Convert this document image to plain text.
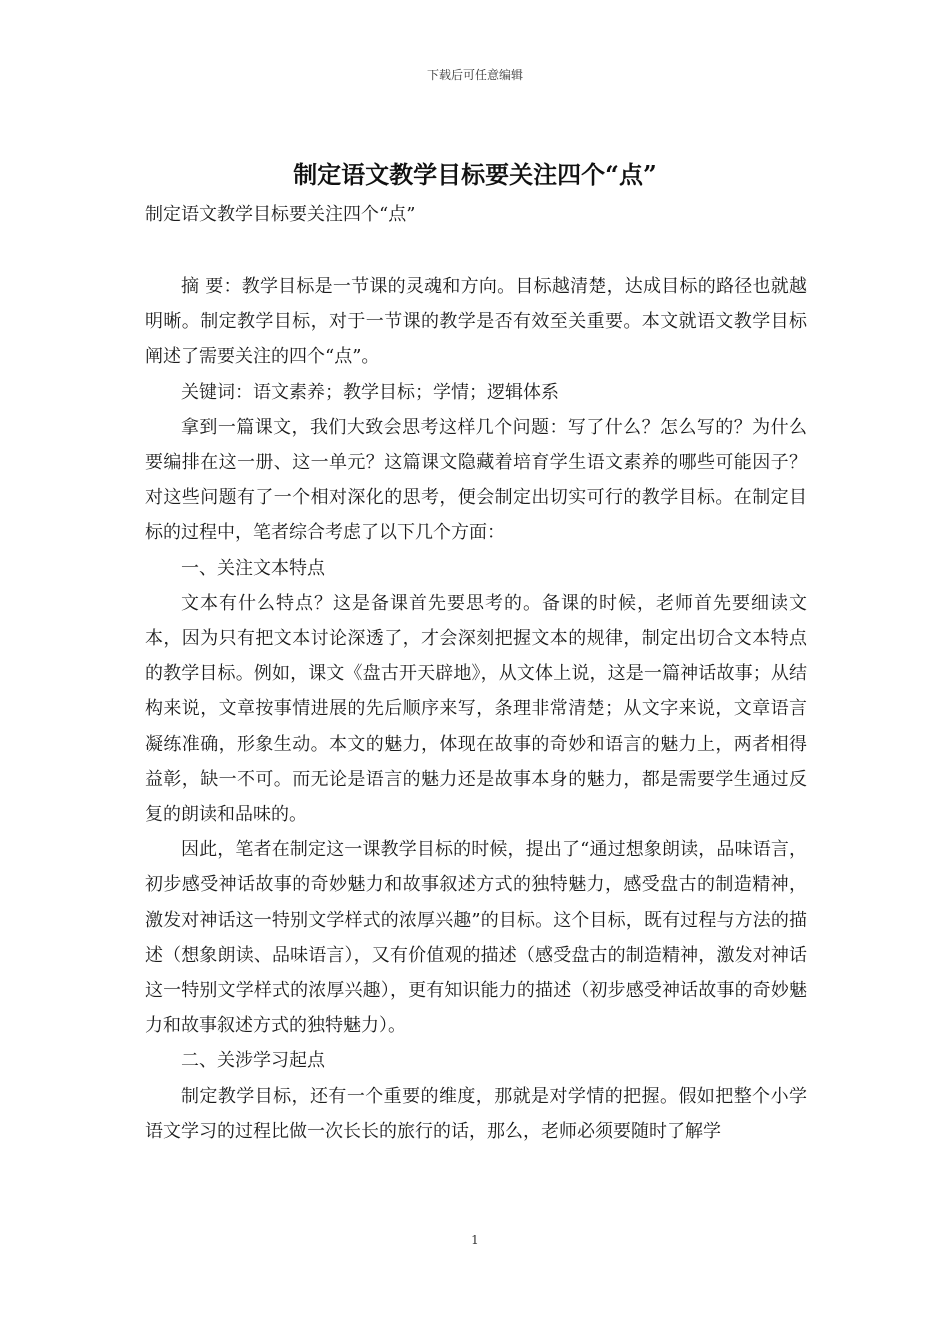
下载后可任意编辑
制定语文教学目标要关注四个“点”
制定语文教学目标要关注四个“点”

摘 要：教学目标是一节课的灵魂和方向。目标越清楚，达成目标的路径也就越明晰。制定教学目标，对于一节课的教学是否有效至关重要。本文就语文教学目标阐述了需要关注的四个“点”。

关键词：语文素养；教学目标；学情；逻辑体系

拿到一篇课文，我们大致会思考这样几个问题：写了什么？怎么写的？为什么要编排在这一册、这一单元？这篇课文隐藏着培育学生语文素养的哪些可能因子？对这些问题有了一个相对深化的思考，便会制定出切实可行的教学目标。在制定目标的过程中，笔者综合考虑了以下几个方面：

一、关注文本特点

文本有什么特点？这是备课首先要思考的。备课的时候，老师首先要细读文本，因为只有把文本讨论深透了，才会深刻把握文本的规律，制定出切合文本特点的教学目标。例如，课文《盘古开天辟地》，从文体上说，这是一篇神话故事；从结构来说，文章按事情进展的先后顺序来写，条理非常清楚；从文字来说，文章语言凝练准确，形象生动。本文的魅力，体现在故事的奇妙和语言的魅力上，两者相得益彰，缺一不可。而无论是语言的魅力还是故事本身的魅力，都是需要学生通过反复的朗读和品味的。

因此，笔者在制定这一课教学目标的时候，提出了“通过想象朗读，品味语言，初步感受神话故事的奇妙魅力和故事叙述方式的独特魅力，感受盘古的制造精神，激发对神话这一特别文学样式的浓厚兴趣”的目标。这个目标，既有过程与方法的描述（想象朗读、品味语言），又有价值观的描述（感受盘古的制造精神，激发对神话这一特别文学样式的浓厚兴趣），更有知识能力的描述（初步感受神话故事的奇妙魅力和故事叙述方式的独特魅力）。

二、关涉学习起点

制定教学目标，还有一个重要的维度，那就是对学情的把握。假如把整个小学语文学习的过程比做一次长长的旅行的话，那么，老师必须要随时了解学

1
